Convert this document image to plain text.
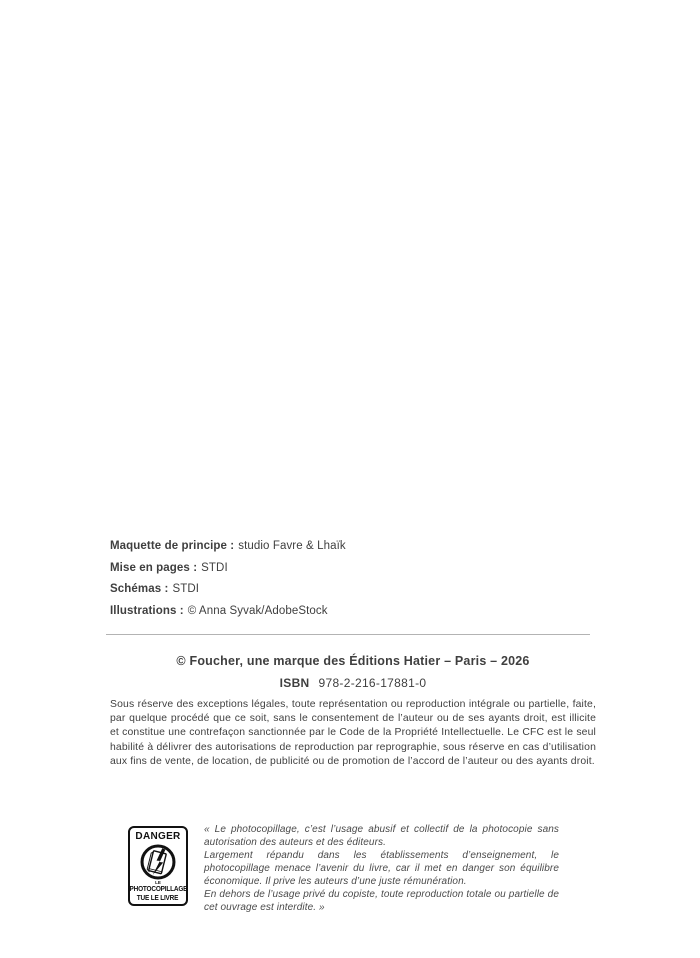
Maquette de principe : studio Favre & Lhaïk
Mise en pages : STDI
Schémas : STDI
Illustrations : © Anna Syvak/AdobeStock
© Foucher, une marque des Éditions Hatier – Paris – 2026
ISBN 978-2-216-17881-0

Sous réserve des exceptions légales, toute représentation ou reproduction intégrale ou partielle, faite, par quelque procédé que ce soit, sans le consentement de l’auteur ou de ses ayants droit, est illicite et constitue une contrefaçon sanctionnée par le Code de la Propriété Intellectuelle. Le CFC est le seul habilité à délivrer des autorisations de reproduction par reprographie, sous réserve en cas d’utilisation aux fins de vente, de location, de publicité ou de promotion de l’accord de l’auteur ou des ayants droit.

DANGER
LE
PHOTOCOPILLAGE
TUE LE LIVRE

« Le photocopillage, c’est l’usage abusif et collectif de la photocopie sans autorisation des auteurs et des éditeurs.

Largement répandu dans les établissements d’enseignement, le photocopillage menace l’avenir du livre, car il met en danger son équilibre économique. Il prive les auteurs d’une juste rémunération.

En dehors de l’usage privé du copiste, toute reproduction totale ou partielle de cet ouvrage est interdite. »
